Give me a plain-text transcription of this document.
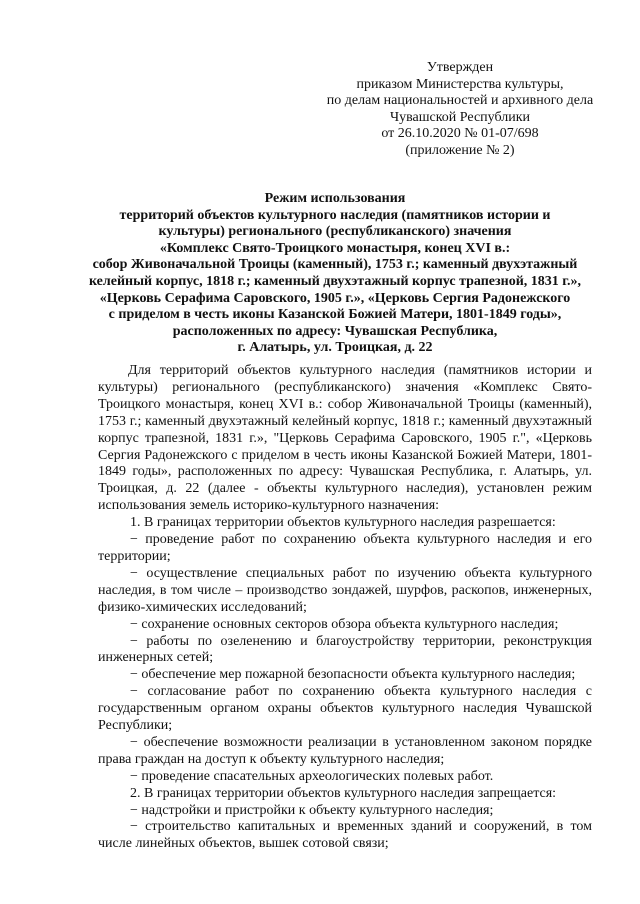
Утвержден
приказом Министерства культуры,
по делам национальностей и архивного дела
Чувашской Республики
от 26.10.2020 № 01-07/698
(приложение № 2)
Режим использования
территорий объектов культурного наследия (памятников истории и
культуры) регионального (республиканского) значения
«Комплекс Свято-Троицкого монастыря, конец XVI в.:
собор Живоначальной Троицы (каменный), 1753 г.; каменный двухэтажный
келейный корпус, 1818 г.; каменный двухэтажный корпус трапезной, 1831 г.»,
«Церковь Серафима Саровского, 1905 г.», «Церковь Сергия Радонежского
с приделом в честь иконы Казанской Божией Матери, 1801-1849 годы»,
расположенных по адресу: Чувашская Республика,
г. Алатырь, ул. Троицкая, д. 22

Для территорий объектов культурного наследия (памятников истории и культуры) регионального (республиканского) значения «Комплекс Свято-Троицкого монастыря, конец XVI в.: собор Живоначальной Троицы (каменный), 1753 г.; каменный двухэтажный келейный корпус, 1818 г.; каменный двухэтажный корпус трапезной, 1831 г.», "Церковь Серафима Саровского, 1905 г.", «Церковь Сергия Радонежского с приделом в честь иконы Казанской Божией Матери, 1801-1849 годы», расположенных по адресу: Чувашская Республика, г. Алатырь, ул. Троицкая, д. 22 (далее - объекты культурного наследия), установлен режим использования земель историко-культурного назначения:

1. В границах территории объектов культурного наследия разрешается:

− проведение работ по сохранению объекта культурного наследия и его территории;

− осуществление специальных работ по изучению объекта культурного наследия, в том числе – производство зондажей, шурфов, раскопов, инженерных, физико-химических исследований;

− сохранение основных секторов обзора объекта культурного наследия;

− работы по озеленению и благоустройству территории, реконструкция инженерных сетей;

− обеспечение мер пожарной безопасности объекта культурного наследия;

− согласование работ по сохранению объекта культурного наследия с государственным органом охраны объектов культурного наследия Чувашской Республики;

− обеспечение возможности реализации в установленном законом порядке права граждан на доступ к объекту культурного наследия;

− проведение спасательных археологических полевых работ.

2. В границах территории объектов культурного наследия запрещается:

− надстройки и пристройки к объекту культурного наследия;

− строительство капитальных и временных зданий и сооружений, в том числе линейных объектов, вышек сотовой связи;
